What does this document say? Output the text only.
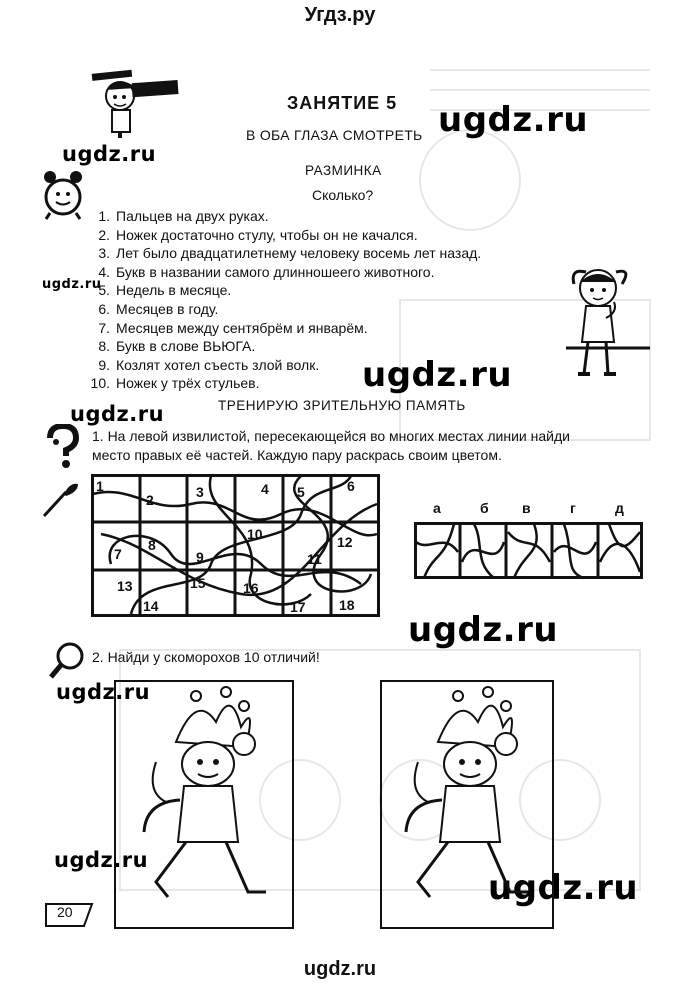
Угдз.ру
ugdz.ru
ЗАНЯТИЕ 5
В ОБА ГЛАЗА СМОТРЕТЬ ugdz.ru
ugdz.ru
ugdz.ru
ugdz.ru
ugdz.ru
ugdz.ru
ugdz.ru
ugdz.ru
ugdz.ru
РАЗМИНКА
Сколько?
1. Пальцев на двух руках.
2. Ножек достаточно стулу, чтобы он не качался.
3. Лет было двадцатилетнему человеку восемь лет назад.
4. Букв в названии самого длинношеего животного.
5. Недель в месяце.
6. Месяцев в году.
7. Месяцев между сентябрём и январём.
8. Букв в слове ВЬЮГА.
9. Козлят хотел съесть злой волк.
10. Ножек у трёх стульев.
ТРЕНИРУЮ ЗРИТЕЛЬНУЮ ПАМЯТЬ
1. На левой извилистой, пересекающейся во многих местах линии найди
место правых её частей. Каждую пару раскрась своим цветом.
1
2	3	4 5	6
7
8
9
10
11
12
13
14
15	16
17 18
а	б в	г	д
2. Найди у скоморохов 10 отличий!
20
